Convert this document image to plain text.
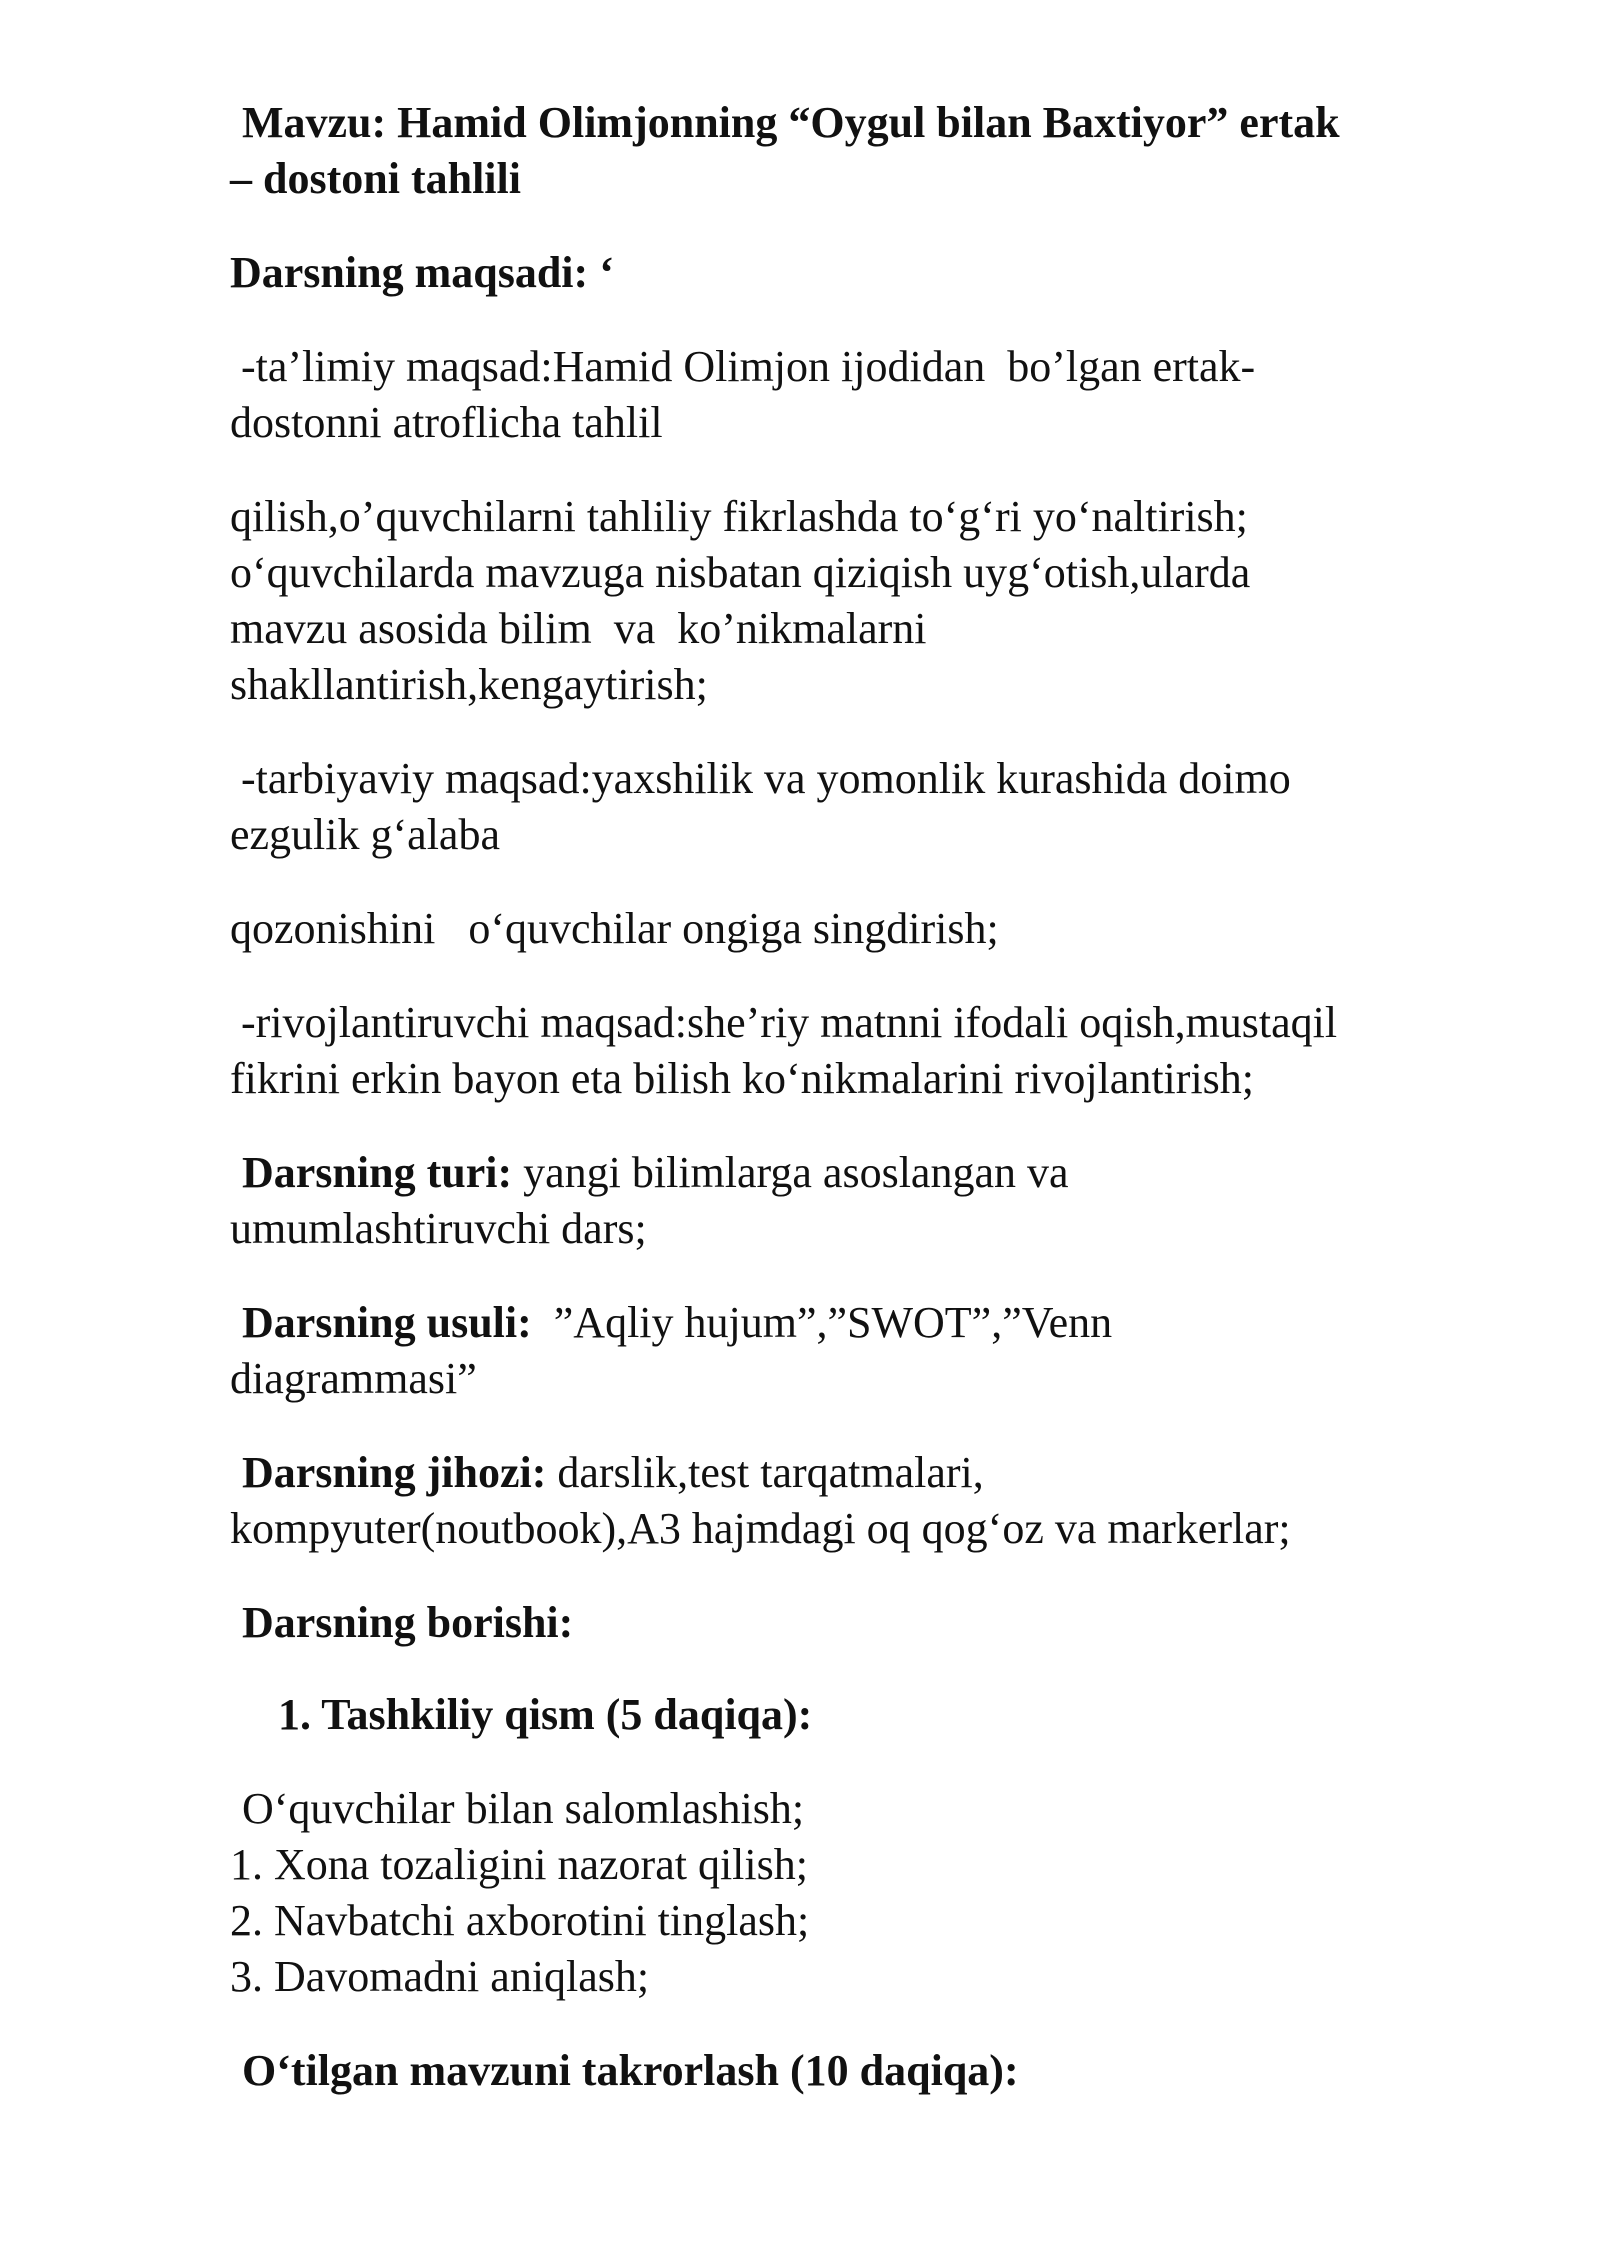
Mavzu: Hamid Olimjonning “Oygul bilan Baxtiyor” ertak
– dostoni tahlili

Darsning maqsadi: ‘

-ta’limiy maqsad:Hamid Olimjon ijodidan  bo’lgan ertak-
dostonni atroflicha tahlil
qilish,o’quvchilarni tahliliy fikrlashda to‘g‘ri yo‘naltirish;
o‘quvchilarda mavzuga nisbatan qiziqish uyg‘otish,ularda
mavzu asosida bilim  va  ko’nikmalarni
shakllantirish,kengaytirish;
-tarbiyaviy maqsad:yaxshilik va yomonlik kurashida doimo
ezgulik g‘alaba
qozonishini   o‘quvchilar ongiga singdirish;
-rivojlantiruvchi maqsad:she’riy matnni ifodali oqish,mustaqil
fikrini erkin bayon eta bilish ko‘nikmalarini rivojlantirish;
Darsning turi: yangi bilimlarga asoslangan va
umumlashtiruvchi dars;
Darsning usuli:  ”Aqliy hujum”,”SWOT”,”Venn
diagrammasi”
Darsning jihozi: darslik,test tarqatmalari,
kompyuter(noutbook),A3 hajmdagi oq qog‘oz va markerlar;

Darsning borishi:

1. Tashkiliy qism (5 daqiqa):

O‘quvchilar bilan salomlashish;

1. Xona tozaligini nazorat qilish;
2. Navbatchi axborotini tinglash;
3. Davomadni aniqlash;

O‘tilgan mavzuni takrorlash (10 daqiqa):
